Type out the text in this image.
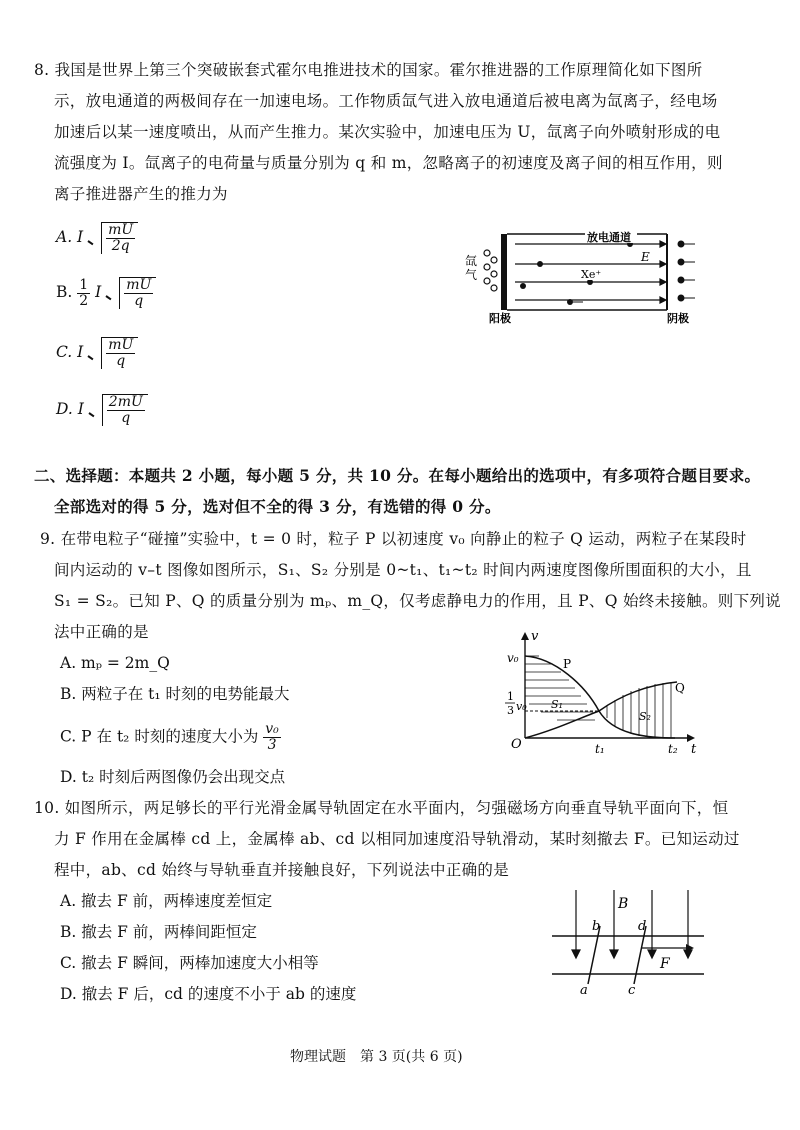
8. 我国是世界上第三个突破嵌套式霍尔电推进技术的国家。霍尔推进器的工作原理简化如下图所
示，放电通道的两极间存在一加速电场。工作物质氙气进入放电通道后被电离为氙离子，经电场
加速后以某一速度喷出，从而产生推力。某次实验中，加速电压为 U，氙离子向外喷射形成的电
流强度为 I。氙离子的电荷量与质量分别为 q 和 m，忽略离子的初速度及离子间的相互作用，则
离子推进器产生的推力为
A. I $\frac{mU}{2q}$
B. $\frac{1}{2}$ I $\frac{mU}{q}$
C. I $\frac{mU}{q}$
D. I $\frac{2mU}{q}$
氙气
放电通道
E
Xe⁺
阳极	阴极
二、选择题：本题共 2 小题，每小题 5 分，共 10 分。在每小题给出的选项中，有多项符合题目要求。
全部选对的得 5 分，选对但不全的得 3 分，有选错的得 0 分。
9. 在带电粒子“碰撞”实验中，t = 0 时，粒子 P 以初速度 v₀ 向静止的粒子 Q 运动，两粒子在某段时
间内运动的 v–t 图像如图所示，S₁、S₂ 分别是 0~t₁、t₁~t₂ 时间内两速度图像所围面积的大小，且
S₁ = S₂。已知 P、Q 的质量分别为 mₚ、m_Q，仅考虑静电力的作用，且 P、Q 始终未接触。则下列说
法中正确的是
A. mₚ = 2m_Q
B. 两粒子在 t₁ 时刻的电势能最大
C. P 在 t₂ 时刻的速度大小为 $\frac{\text{v₀}}{3}$
D. t₂ 时刻后两图像仍会出现交点
v₀
v
1
3 v₀
O
P
Q
S₁
S₂
t₁	t₂ t
10. 如图所示，两足够长的平行光滑金属导轨固定在水平面内，匀强磁场方向垂直导轨平面向下，恒
力 F 作用在金属棒 cd 上，金属棒 ab、cd 以相同加速度沿导轨滑动，某时刻撤去 F。已知运动过
程中，ab、cd 始终与导轨垂直并接触良好，下列说法中正确的是
A. 撤去 F 前，两棒速度差恒定
B. 撤去 F 前，两棒间距恒定
C. 撤去 F 瞬间，两棒加速度大小相等
D. 撤去 F 后，cd 的速度不小于 ab 的速度
B
b	d
a	c
F
物理试题　第 3 页(共 6 页)
